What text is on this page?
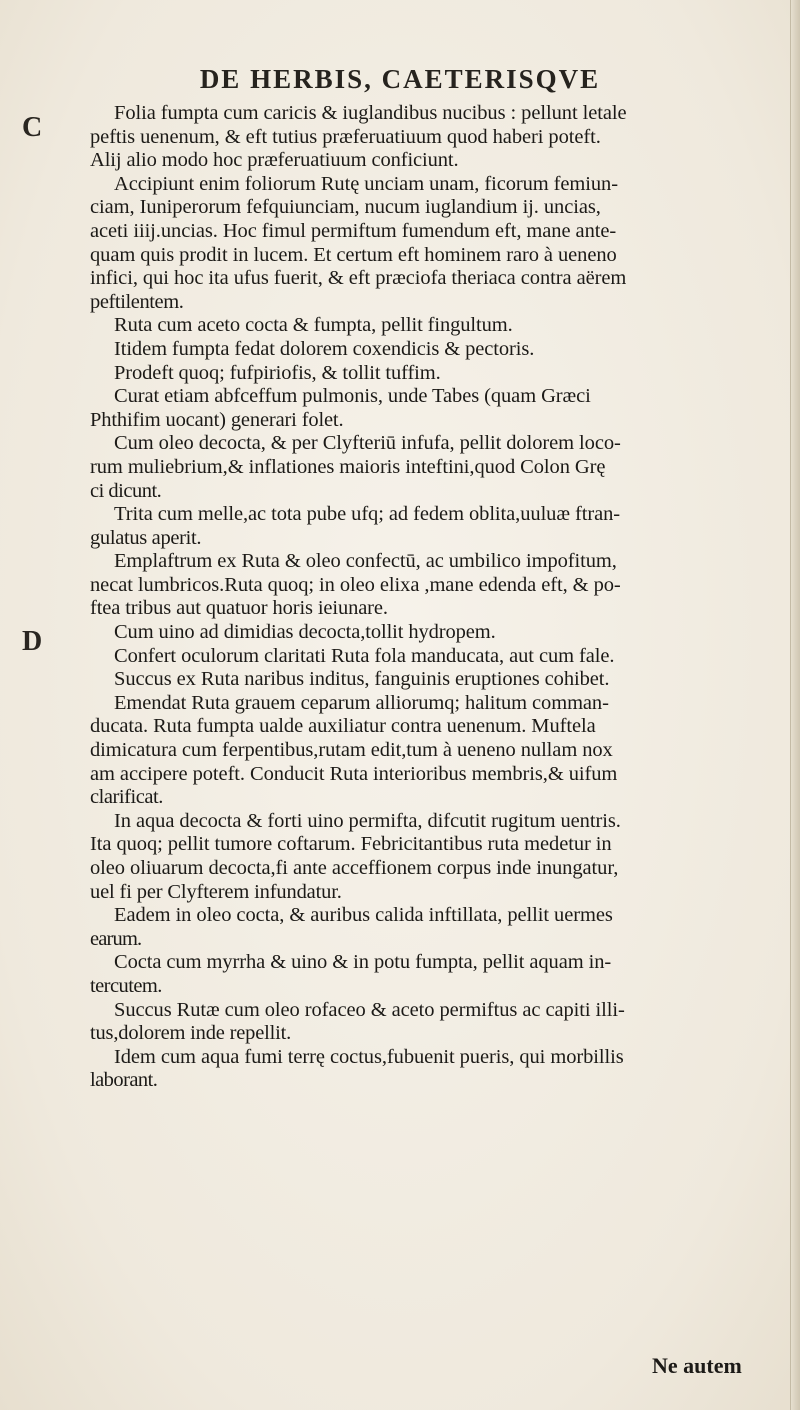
DE HERBIS, CAETERISQVE
C
D
Folia fumpta cum caricis & iuglandibus nucibus : pellunt letale
peftis uenenum, & eft tutius præferuatiuum quod haberi poteft.
Alij alio modo hoc præferuatiuum conficiunt.
Accipiunt enim foliorum Rutę unciam unam, ficorum femiun-
ciam, Iuniperorum fefquiunciam, nucum iuglandium ij. uncias,
aceti iiij.uncias. Hoc fimul permiftum fumendum eft, mane ante-
quam quis prodit in lucem. Et certum eft hominem raro à ueneno
infici, qui hoc ita ufus fuerit, & eft præciofa theriaca contra aërem
peftilentem.
Ruta cum aceto cocta & fumpta, pellit fingultum.
Itidem fumpta fedat dolorem coxendicis & pectoris.
Prodeft quoq; fufpiriofis, & tollit tuffim.
Curat etiam abfceffum pulmonis, unde Tabes (quam Græci
Phthifim uocant) generari folet.
Cum oleo decocta, & per Clyfteriū infufa, pellit dolorem loco-
rum muliebrium,& inflationes maioris inteftini,quod Colon Grę
ci dicunt.
Trita cum melle,ac tota pube ufq; ad fedem oblita,uuluæ ftran-
gulatus aperit.
Emplaftrum ex Ruta & oleo confectū, ac umbilico impofitum,
necat lumbricos.Ruta quoq; in oleo elixa ,mane edenda eft, & po-
ftea tribus aut quatuor horis ieiunare.
Cum uino ad dimidias decocta,tollit hydropem.
Confert oculorum claritati Ruta fola manducata, aut cum fale.
Succus ex Ruta naribus inditus, fanguinis eruptiones cohibet.
Emendat Ruta grauem ceparum alliorumq; halitum comman-
ducata. Ruta fumpta ualde auxiliatur contra uenenum. Muftela
dimicatura cum ferpentibus,rutam edit,tum à ueneno nullam nox
am accipere poteft. Conducit Ruta interioribus membris,& uifum
clarificat.
In aqua decocta & forti uino permifta, difcutit rugitum uentris.
Ita quoq; pellit tumore coftarum. Febricitantibus ruta medetur in
oleo oliuarum decocta,fi ante acceffionem corpus inde inungatur,
uel fi per Clyfterem infundatur.
Eadem in oleo cocta, & auribus calida inftillata, pellit uermes
earum.
Cocta cum myrrha & uino & in potu fumpta, pellit aquam in-
tercutem.
Succus Rutæ cum oleo rofaceo & aceto permiftus ac capiti illi-
tus,dolorem inde repellit.
Idem cum aqua fumi terrę coctus,fubuenit pueris, qui morbillis
laborant.
Ne autem
